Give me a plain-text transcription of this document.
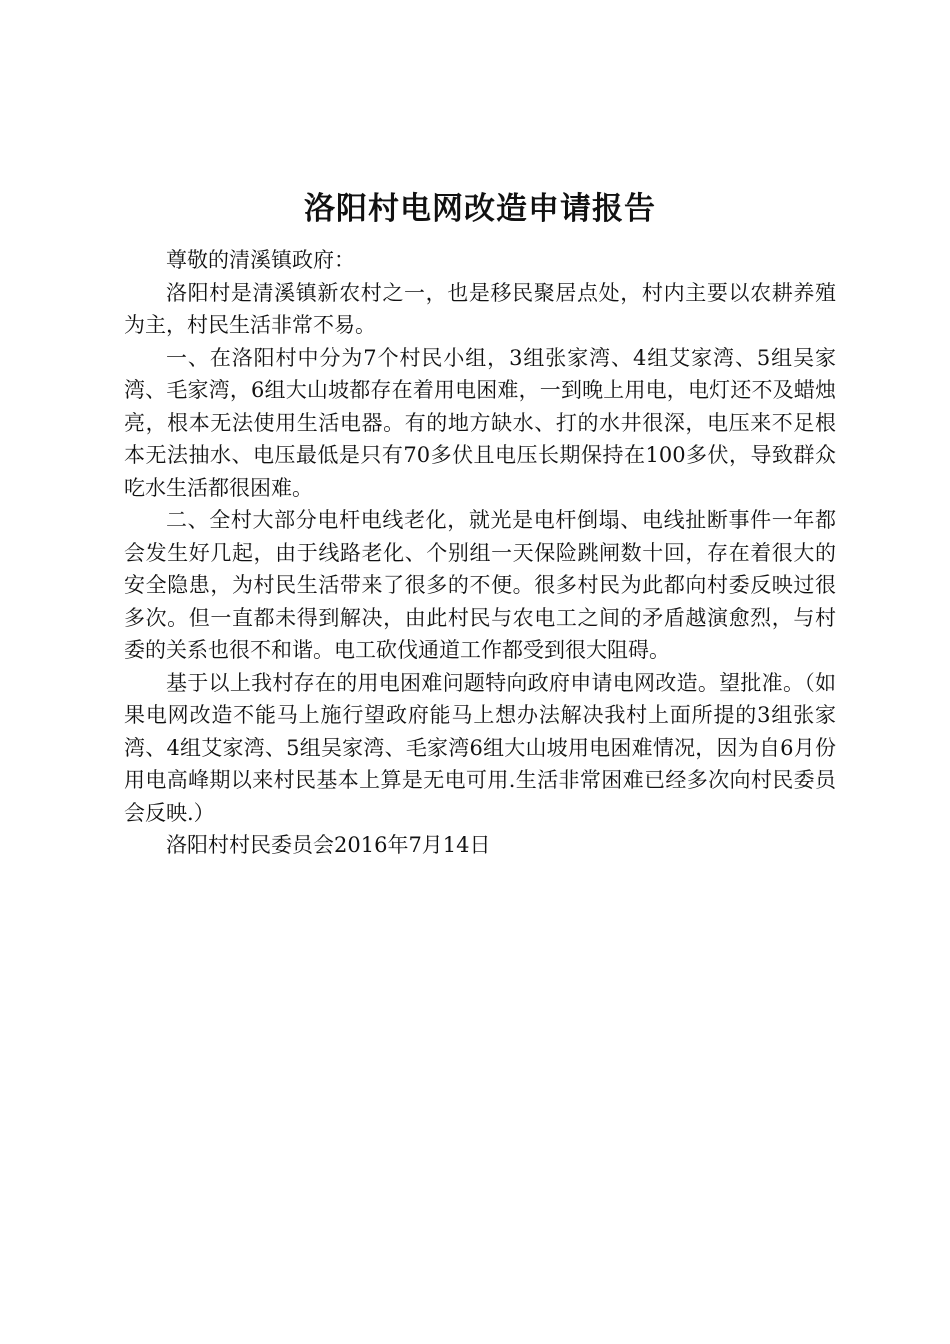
洛阳村电网改造申请报告

尊敬的清溪镇政府：

洛阳村是清溪镇新农村之一，也是移民聚居点处，村内主要以农耕养殖为主，村民生活非常不易。

一、在洛阳村中分为7个村民小组，3组张家湾、4组艾家湾、5组吴家湾、毛家湾，6组大山坡都存在着用电困难，一到晚上用电，电灯还不及蜡烛亮，根本无法使用生活电器。有的地方缺水、打的水井很深，电压来不足根本无法抽水、电压最低是只有70多伏且电压长期保持在100多伏，导致群众吃水生活都很困难。

二、全村大部分电杆电线老化，就光是电杆倒塌、电线扯断事件一年都会发生好几起，由于线路老化、个别组一天保险跳闸数十回，存在着很大的安全隐患，为村民生活带来了很多的不便。很多村民为此都向村委反映过很多次。但一直都未得到解决，由此村民与农电工之间的矛盾越演愈烈，与村委的关系也很不和谐。电工砍伐通道工作都受到很大阻碍。

基于以上我村存在的用电困难问题特向政府申请电网改造。望批准。（如果电网改造不能马上施行望政府能马上想办法解决我村上面所提的3组张家湾、4组艾家湾、5组吴家湾、毛家湾6组大山坡用电困难情况，因为自6月份用电高峰期以来村民基本上算是无电可用.生活非常困难已经多次向村民委员会反映.）

洛阳村村民委员会2016年7月14日
